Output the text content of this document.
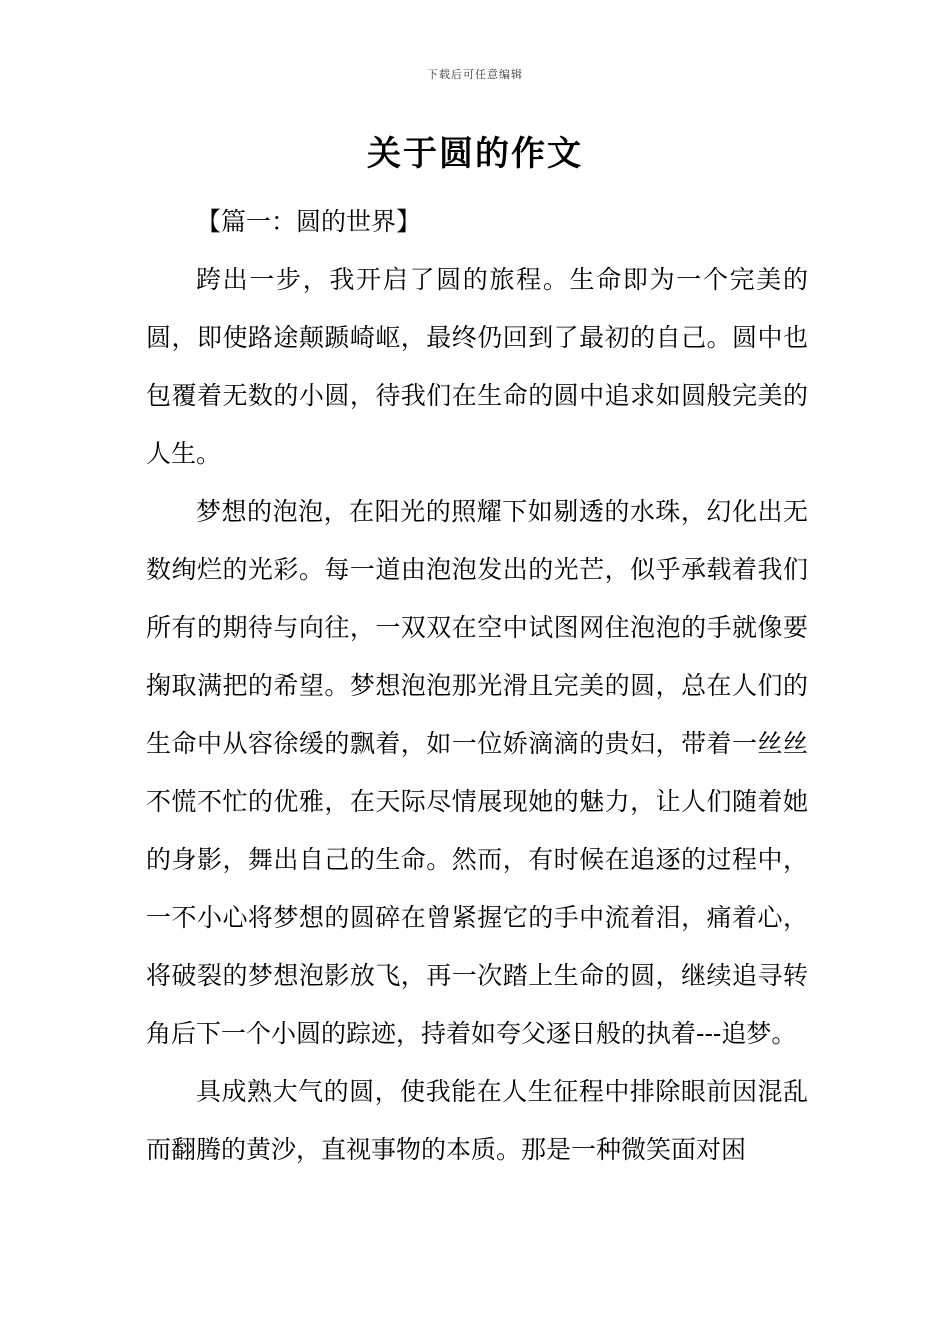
下载后可任意编辑
关于圆的作文
【篇一：圆的世界】

跨出一步，我开启了圆的旅程。生命即为一个完美的圆，即使路途颠踬崎岖，最终仍回到了最初的自己。圆中也包覆着无数的小圆，待我们在生命的圆中追求如圆般完美的人生。

梦想的泡泡，在阳光的照耀下如剔透的水珠，幻化出无数绚烂的光彩。每一道由泡泡发出的光芒，似乎承载着我们所有的期待与向往，一双双在空中试图网住泡泡的手就像要掬取满把的希望。梦想泡泡那光滑且完美的圆，总在人们的生命中从容徐缓的飘着，如一位娇滴滴的贵妇，带着一丝丝不慌不忙的优雅，在天际尽情展现她的魅力，让人们随着她的身影，舞出自己的生命。然而，有时候在追逐的过程中，一不小心将梦想的圆碎在曾紧握它的手中流着泪，痛着心，将破裂的梦想泡影放飞，再一次踏上生命的圆，继续追寻转角后下一个小圆的踪迹，持着如夸父逐日般的执着---追梦。

具成熟大气的圆，使我能在人生征程中排除眼前因混乱而翻腾的黄沙，直视事物的本质。那是一种微笑面对困
